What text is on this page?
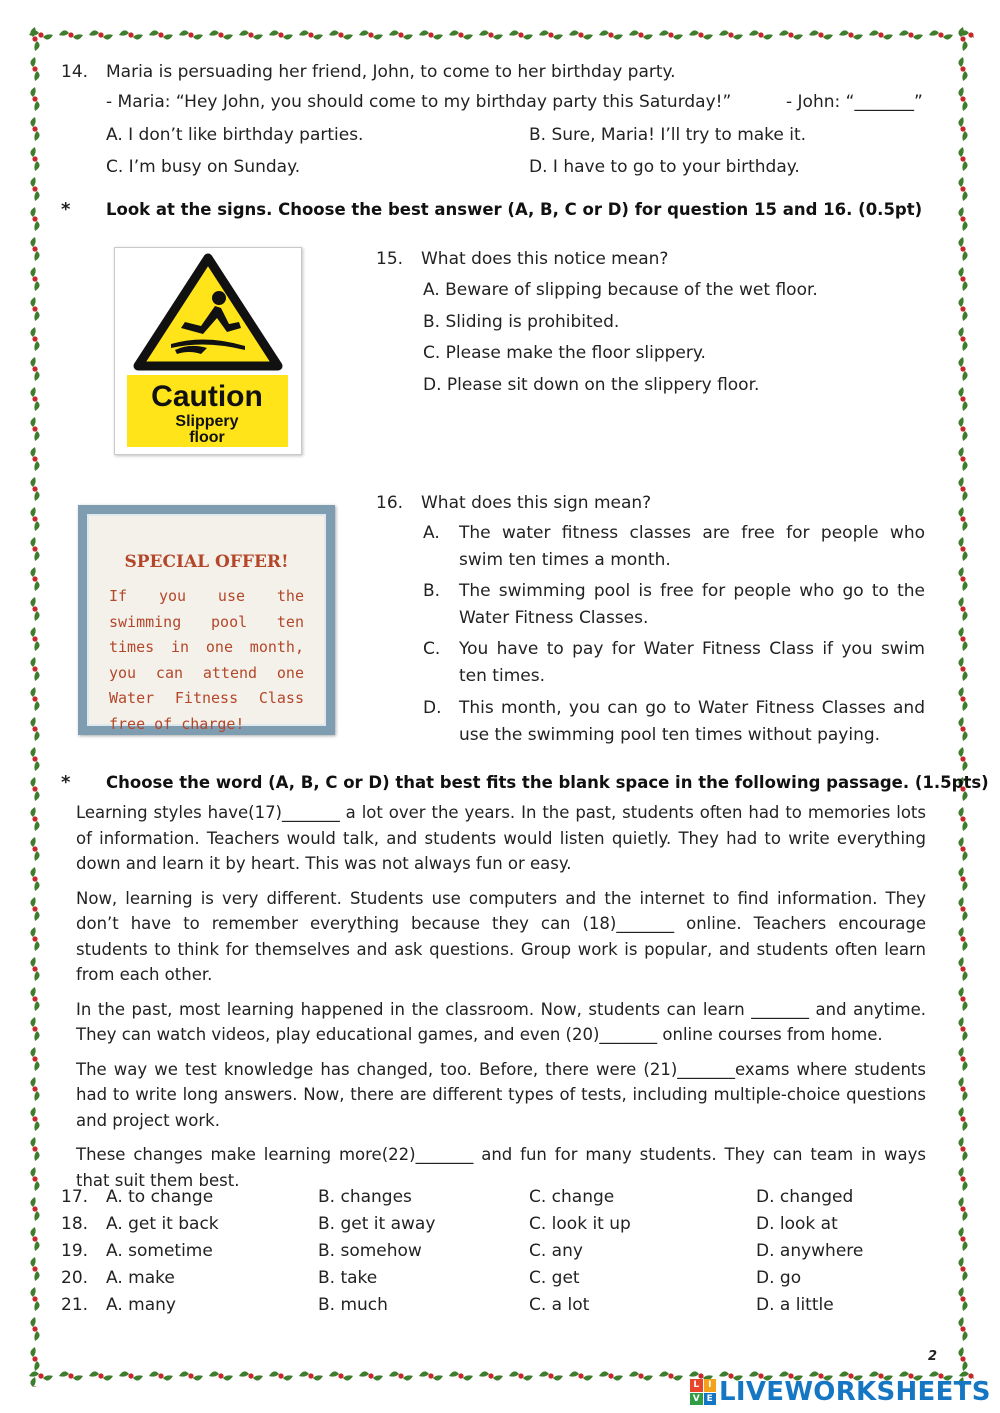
14. Maria is persuading her friend, John, to come to her birthday party.
- Maria: “Hey John, you should come to my birthday party this Saturday!”	- John: “_______”
A. I don’t like birthday parties.	B. Sure, Maria! I’ll try to make it.
C. I’m busy on Sunday.	D. I have to go to your birthday.
* Look at the signs. Choose the best answer (A, B, C or D) for question 15 and 16. (0.5pt)
Caution
Slippery
floor
15. What does this notice mean?
A. Beware of slipping because of the wet floor.
B. Sliding is prohibited.
C. Please make the floor slippery.
D. Please sit down on the slippery floor.
SPECIAL OFFER!
If you use the swimming pool ten times in one month, you can attend one Water Fitness Class free of charge!
16. What does this sign mean?
A. The water fitness classes are free for people who swim ten times a month.
B. The swimming pool is free for people who go to the Water Fitness Classes.
C. You have to pay for Water Fitness Class if you swim ten times.
D. This month, you can go to Water Fitness Classes and use the swimming pool ten times without paying.
* Choose the word (A, B, C or D) that best fits the blank space in the following passage. (1.5pts)

Learning styles have(17)_______ a lot over the years. In the past, students often had to memories lots of information. Teachers would talk, and students would listen quietly. They had to write everything down and learn it by heart. This was not always fun or easy.

Now, learning is very different. Students use computers and the internet to find information. They don’t have to remember everything because they can (18)_______ online. Teachers encourage students to think for themselves and ask questions. Group work is popular, and students often learn from each other.

In the past, most learning happened in the classroom. Now, students can learn _______ and anytime. They can watch videos, play educational games, and even (20)_______ online courses from home.

The way we test knowledge has changed, too. Before, there were (21)_______exams where students had to write long answers. Now, there are different types of tests, including multiple-choice questions and project work.

These changes make learning more(22)_______ and fun for many students. They can team in ways that suit them best.

17. A. to change	B. changes	C. change	D. changed
18. A. get it back	B. get it away	C. look it up	D. look at
19. A. sometime	B. somehow	C. any	D. anywhere
20. A. make	B. take	C. get	D. go
21. A. many	B. much	C. a lot	D. a little
2
L I
V E LIVEWORKSHEETS
